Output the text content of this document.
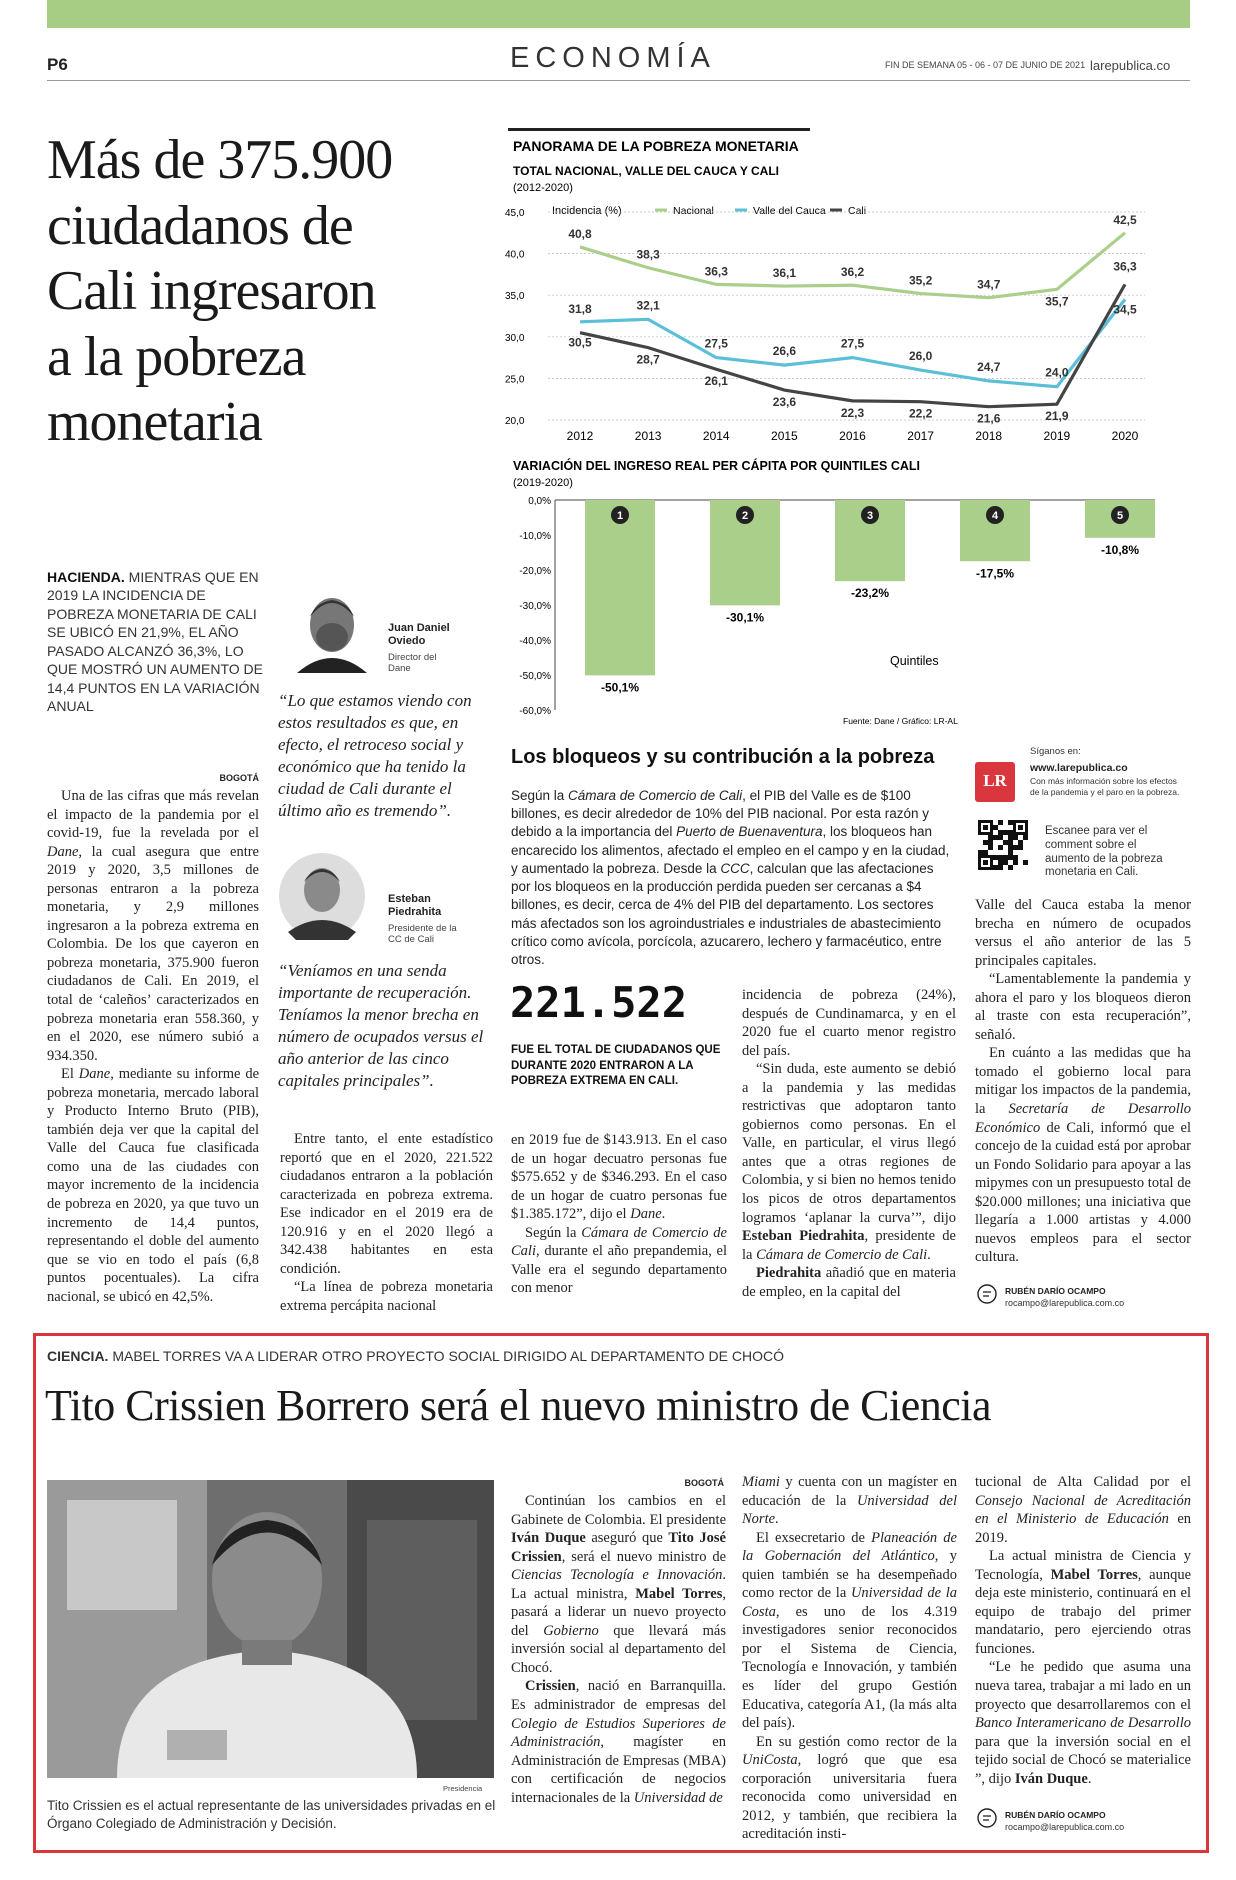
P6	ECONOMÍA	FIN DE SEMANA 05 - 06 - 07 DE JUNIO DE 2021 larepublica.co
Más de 375.900
ciudadanos de
Cali ingresaron
a la pobreza
monetaria
HACIENDA. MIENTRAS QUE EN 2019 LA INCIDENCIA DE POBREZA MONETARIA DE CALI SE UBICÓ EN 21,9%, EL AÑO PASADO ALCANZÓ 36,3%, LO QUE MOSTRÓ UN AUMENTO DE 14,4 PUNTOS EN LA VARIACIÓN ANUAL
BOGOTÁ

Una de las cifras que más revelan el impacto de la pandemia por el covid-19, fue la revelada por el Dane, la cual asegura que entre 2019 y 2020, 3,5 millones de personas entraron a la pobreza monetaria, y 2,9 millones ingresaron a la pobreza extrema en Colombia. De los que cayeron en pobreza monetaria, 375.900 fueron ciudadanos de Cali. En 2019, el total de ‘caleños’ caracterizados en pobreza monetaria eran 558.360, y en el 2020, ese número subió a 934.350.

El Dane, mediante su informe de pobreza monetaria, mercado laboral y Producto Interno Bruto (PIB), también deja ver que la capital del Valle del Cauca fue clasificada como una de las ciudades con mayor incremento de la incidencia de pobreza en 2020, ya que tuvo un incremento de 14,4 puntos, representando el doble del aumento que se vio en todo el país (6,8 puntos pocentuales). La cifra nacional, se ubicó en 42,5%.

Juan Daniel Oviedo
Director del Dane
“Lo que estamos viendo con estos resultados es que, en efecto, el retroceso social y económico que ha tenido la ciudad de Cali durante el último año es tremendo”.
Esteban Piedrahita
Presidente de la CC de Cali
“Veníamos en una senda importante de recuperación. Teníamos la menor brecha en número de ocupados versus el año anterior de las cinco capitales principales”.

Entre tanto, el ente estadístico reportó que en el 2020, 221.522 ciudadanos entraron a la población caracterizada en pobreza extrema. Ese indicador en el 2019 era de 120.916 y en el 2020 llegó a 342.438 habitantes en esta condición.

“La línea de pobreza monetaria extrema percápita nacional

PANORAMA DE LA POBREZA MONETARIA
TOTAL NACIONAL, VALLE DEL CAUCA Y CALI
(2012-2020)
Incidencia (%)	Nacional	Valle del Cauca Cali
45,0
40,0
35,0
30,0
25,0
20,0
2012	2013	2014	2015	2016	2017	2018	2019	2020
40,8
38,3
36,3	36,1	36,2
35,2	34,7
35,7
42,5
31,8	32,1
27,5
26,6
27,5
26,0
24,7	24,0
34,5
30,5
28,7
26,1
23,6
22,3	22,2	21,6	21,9
36,3
VARIACIÓN DEL INGRESO REAL PER CÁPITA POR QUINTILES CALI
(2019-2020)
Quintiles
Fuente: Dane / Gráfico: LR-AL
0,0%
-10,0%
-20,0%
-30,0%
-40,0%
-50,0%
-60,0%
1
-50,1%
2
-30,1%
3
-23,2%
4
-17,5%
5
-10,8%
Los bloqueos y su contribución a la pobreza
Según la Cámara de Comercio de Cali, el PIB del Valle es de $100 billones, es decir alrededor de 10% del PIB nacional. Por esta razón y debido a la importancia del Puerto de Buenaventura, los bloqueos han encarecido los alimentos, afectado el empleo en el campo y en la ciudad, y aumentado la pobreza. Desde la CCC, calculan que las afectaciones por los bloqueos en la producción perdida pueden ser cercanas a $4 billones, es decir, cerca de 4% del PIB del departamento. Los sectores más afectados son los agroindustriales e industriales de abastecimiento crítico como avícola, porcícola, azucarero, lechero y farmacéutico, entre otros.
LR
Síganos en:
www.larepublica.co
Con más información sobre los efectos de la pandemia y el paro en la pobreza.
Escanee para ver el comment sobre el aumento de la pobreza monetaria en Cali.
221.522
FUE EL TOTAL DE CIUDADANOS QUE DURANTE 2020 ENTRARON A LA POBREZA EXTREMA EN CALI.

en 2019 fue de $143.913. En el caso de un hogar decuatro personas fue $575.652 y de $346.293. En el caso de un hogar de cuatro personas fue $1.385.172”, dijo el Dane.

Según la Cámara de Comercio de Cali, durante el año prepandemia, el Valle era el segundo departamento con menor

incidencia de pobreza (24%), después de Cundinamarca, y en el 2020 fue el cuarto menor registro del país.

“Sin duda, este aumento se debió a la pandemia y las medidas restrictivas que adoptaron tanto gobiernos como personas. En el Valle, en particular, el virus llegó antes que a otras regiones de Colombia, y si bien no hemos tenido los picos de otros departamentos logramos ‘aplanar la curva’”, dijo Esteban Piedrahita, presidente de la Cámara de Comercio de Cali.

Piedrahita añadió que en materia de empleo, en la capital del

Valle del Cauca estaba la menor brecha en número de ocupados versus el año anterior de las 5 principales capitales.

“Lamentablemente la pandemia y ahora el paro y los bloqueos dieron al traste con esta recuperación”, señaló.

En cuánto a las medidas que ha tomado el gobierno local para mitigar los impactos de la pandemia, la Secretaría de Desarrollo Económico de Cali, informó que el concejo de la cuidad está por aprobar un Fondo Solidario para apoyar a las mipymes con un presupuesto total de $20.000 millones; una iniciativa que llegaría a 1.000 artistas y 4.000 nuevos empleos para el sector cultura.

RUBÉN DARÍO OCAMPO
rocampo@larepublica.com.co
CIENCIA. MABEL TORRES VA A LIDERAR OTRO PROYECTO SOCIAL DIRIGIDO AL DEPARTAMENTO DE CHOCÓ
Tito Crissien Borrero será el nuevo ministro de Ciencia
Presidencia
Tito Crissien es el actual representante de las universidades privadas en el Órgano Colegiado de Administración y Decisión.
BOGOTÁ

Continúan los cambios en el Gabinete de Colombia. El presidente Iván Duque aseguró que Tito José Crissien, será el nuevo ministro de Ciencias Tecnología e Innovación. La actual ministra, Mabel Torres, pasará a liderar un nuevo proyecto del Gobierno que llevará más inversión social al departamento del Chocó.

Crissien, nació en Barranquilla. Es administrador de empresas del Colegio de Estudios Superiores de Administración, magíster en Administración de Empresas (MBA) con certificación de negocios internacionales de la Universidad de

Miami y cuenta con un magíster en educación de la Universidad del Norte.

El exsecretario de Planeación de la Gobernación del Atlántico, y quien también se ha desempeñado como rector de la Universidad de la Costa, es uno de los 4.319 investigadores senior reconocidos por el Sistema de Ciencia, Tecnología e Innovación, y también es líder del grupo Gestión Educativa, categoría A1, (la más alta del país).

En su gestión como rector de la UniCosta, logró que que esa corporación universitaria fuera reconocida como universidad en 2012, y también, que recibiera la acreditación insti-

tucional de Alta Calidad por el Consejo Nacional de Acreditación en el Ministerio de Educación en 2019.

La actual ministra de Ciencia y Tecnología, Mabel Torres, aunque deja este ministerio, continuará en el equipo de trabajo del primer mandatario, pero ejerciendo otras funciones.

“Le he pedido que asuma una nueva tarea, trabajar a mi lado en un proyecto que desarrollaremos con el Banco Interamericano de Desarrollo para que la inversión social en el tejido social de Chocó se materialice ”, dijo Iván Duque.

RUBÉN DARÍO OCAMPO
rocampo@larepublica.com.co
